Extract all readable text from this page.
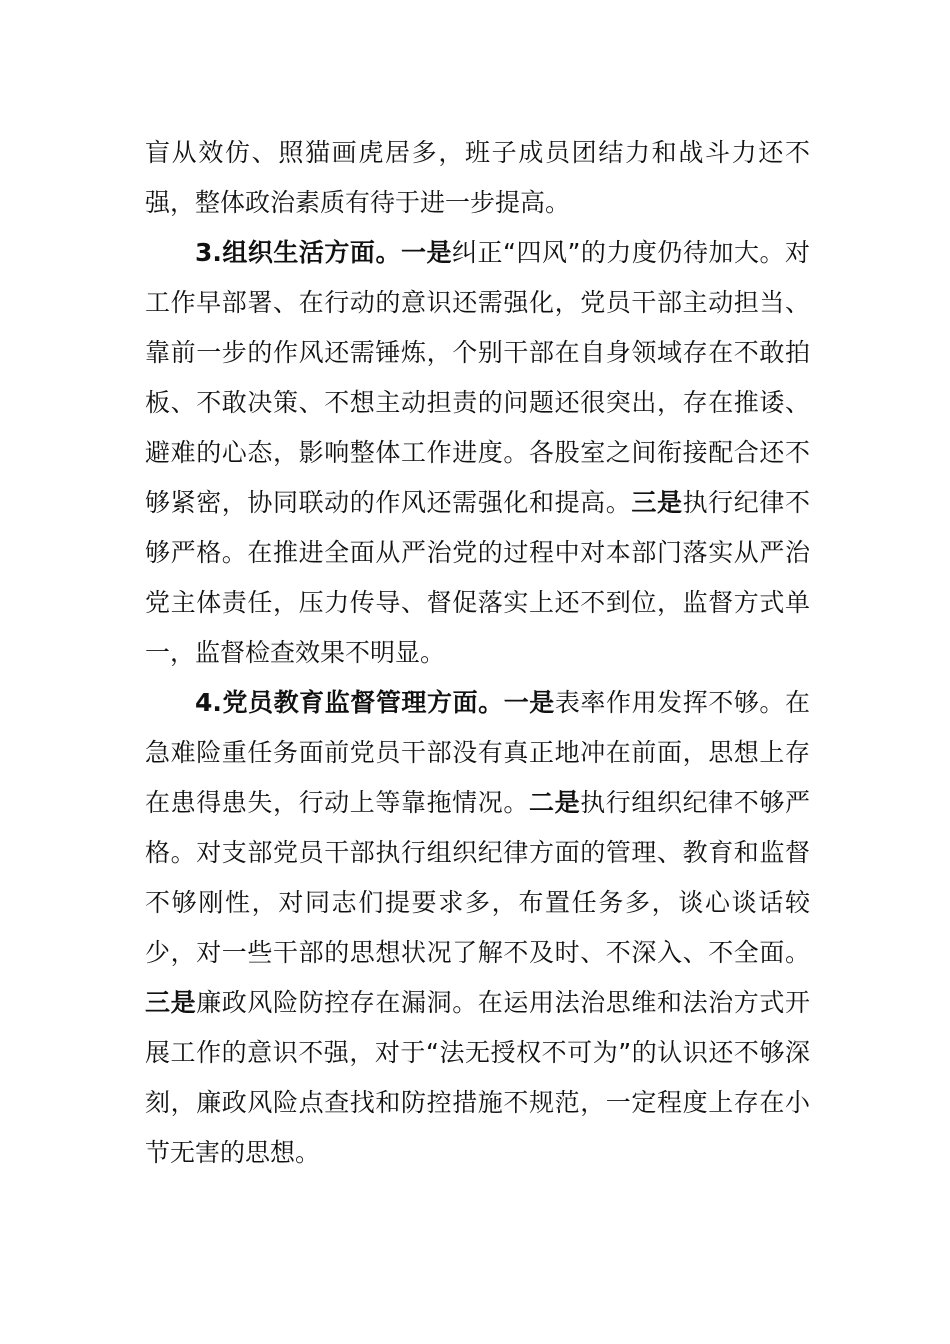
盲从效仿、照猫画虎居多，班子成员团结力和战斗力还不强，整体政治素质有待于进一步提高。

3.组织生活方面。一是纠正“四风”的力度仍待加大。对工作早部署、在行动的意识还需强化，党员干部主动担当、靠前一步的作风还需锤炼，个别干部在自身领域存在不敢拍板、不敢决策、不想主动担责的问题还很突出，存在推诿、避难的心态，影响整体工作进度。各股室之间衔接配合还不够紧密，协同联动的作风还需强化和提高。三是执行纪律不够严格。在推进全面从严治党的过程中对本部门落实从严治党主体责任，压力传导、督促落实上还不到位，监督方式单一，监督检查效果不明显。

4.党员教育监督管理方面。一是表率作用发挥不够。在急难险重任务面前党员干部没有真正地冲在前面，思想上存在患得患失，行动上等靠拖情况。二是执行组织纪律不够严格。对支部党员干部执行组织纪律方面的管理、教育和监督不够刚性，对同志们提要求多，布置任务多，谈心谈话较少，对一些干部的思想状况了解不及时、不深入、不全面。三是廉政风险防控存在漏洞。在运用法治思维和法治方式开展工作的意识不强，对于“法无授权不可为”的认识还不够深刻，廉政风险点查找和防控措施不规范，一定程度上存在小节无害的思想。
